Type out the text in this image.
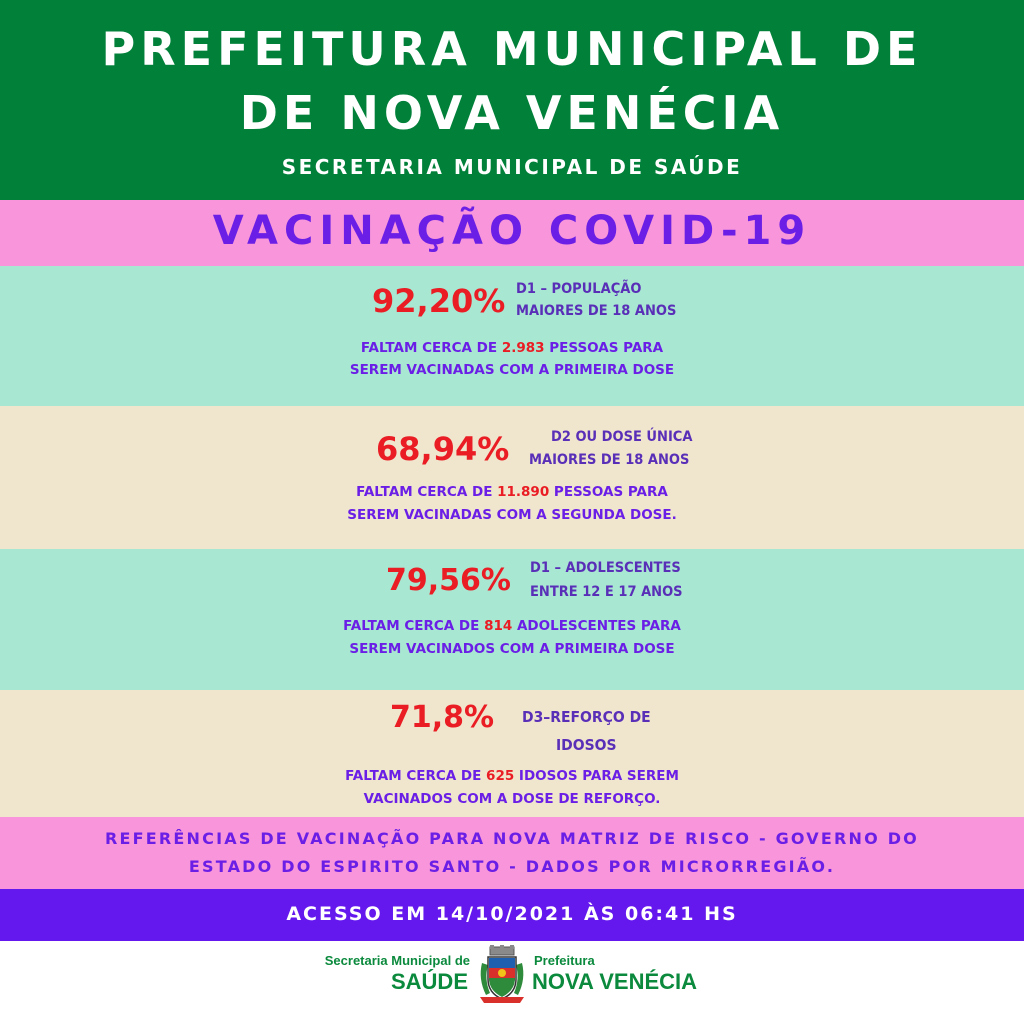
PREFEITURA MUNICIPAL DE
DE NOVA VENÉCIA
SECRETARIA MUNICIPAL DE SAÚDE
VACINAÇÃO COVID-19
92,20% D1 – POPULAÇÃO
MAIORES DE 18 ANOS
FALTAM CERCA DE 2.983 PESSOAS PARA
SEREM VACINADAS COM A PRIMEIRA DOSE
68,94%	D2 OU DOSE ÚNICA
MAIORES DE 18 ANOS
FALTAM CERCA DE 11.890 PESSOAS PARA
SEREM VACINADAS COM A SEGUNDA DOSE.
79,56% D1 – ADOLESCENTES
ENTRE 12 E 17 ANOS
FALTAM CERCA DE 814 ADOLESCENTES PARA
SEREM VACINADOS COM A PRIMEIRA DOSE
71,8% D3–REFORÇO DE
IDOSOS
FALTAM CERCA DE 625 IDOSOS PARA SEREM
VACINADOS COM A DOSE DE REFORÇO.
REFERÊNCIAS DE VACINAÇÃO PARA NOVA MATRIZ DE RISCO - GOVERNO DO
ESTADO DO ESPIRITO SANTO - DADOS POR MICRORREGIÃO.
ACESSO EM 14/10/2021 ÀS 06:41 HS
Secretaria Municipal de
SAÚDE
Prefeitura
NOVA VENÉCIA
